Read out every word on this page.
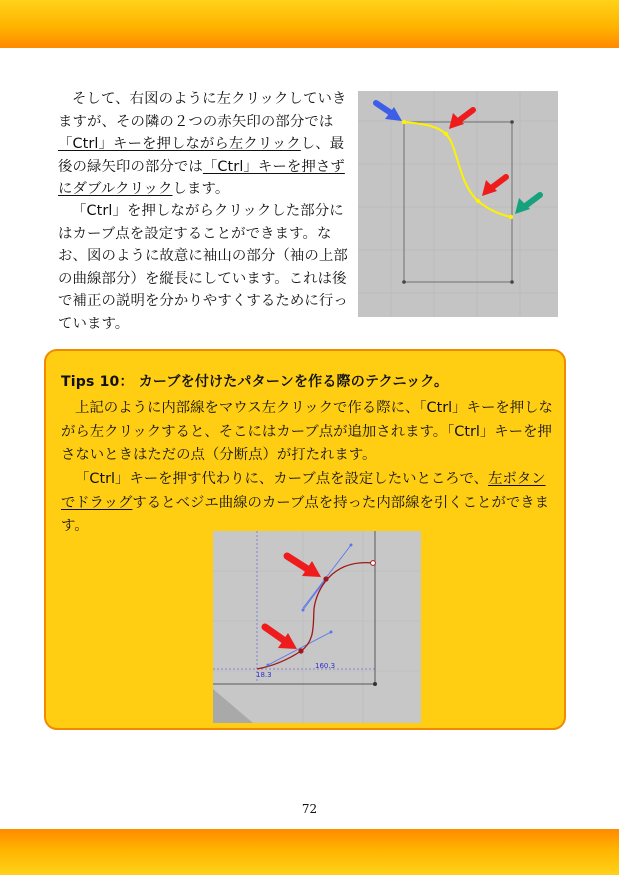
そして、右図のように左クリックしていきますが、その隣の２つの赤矢印の部分では「Ctrl」キーを押しながら左クリックし、最後の緑矢印の部分では「Ctrl」キーを押さずにダブルクリックします。

「Ctrl」を押しながらクリックした部分にはカーブ点を設定することができます。なお、図のように故意に袖山の部分（袖の上部の曲線部分）を縦長にしています。これは後で補正の説明を分かりやすくするために行っています。

Tips 10： カーブを付けたパターンを作る際のテクニック。

上記のように内部線をマウス左クリックで作る際に、「Ctrl」キーを押しながら左クリックすると、そこにはカーブ点が追加されます。「Ctrl」キーを押さないときはただの点（分断点）が打たれます。

「Ctrl」キーを押す代わりに、カーブ点を設定したいところで、左ボタンでドラッグするとベジエ曲線のカーブ点を持った内部線を引くことができます。

18.3
160.3
72
